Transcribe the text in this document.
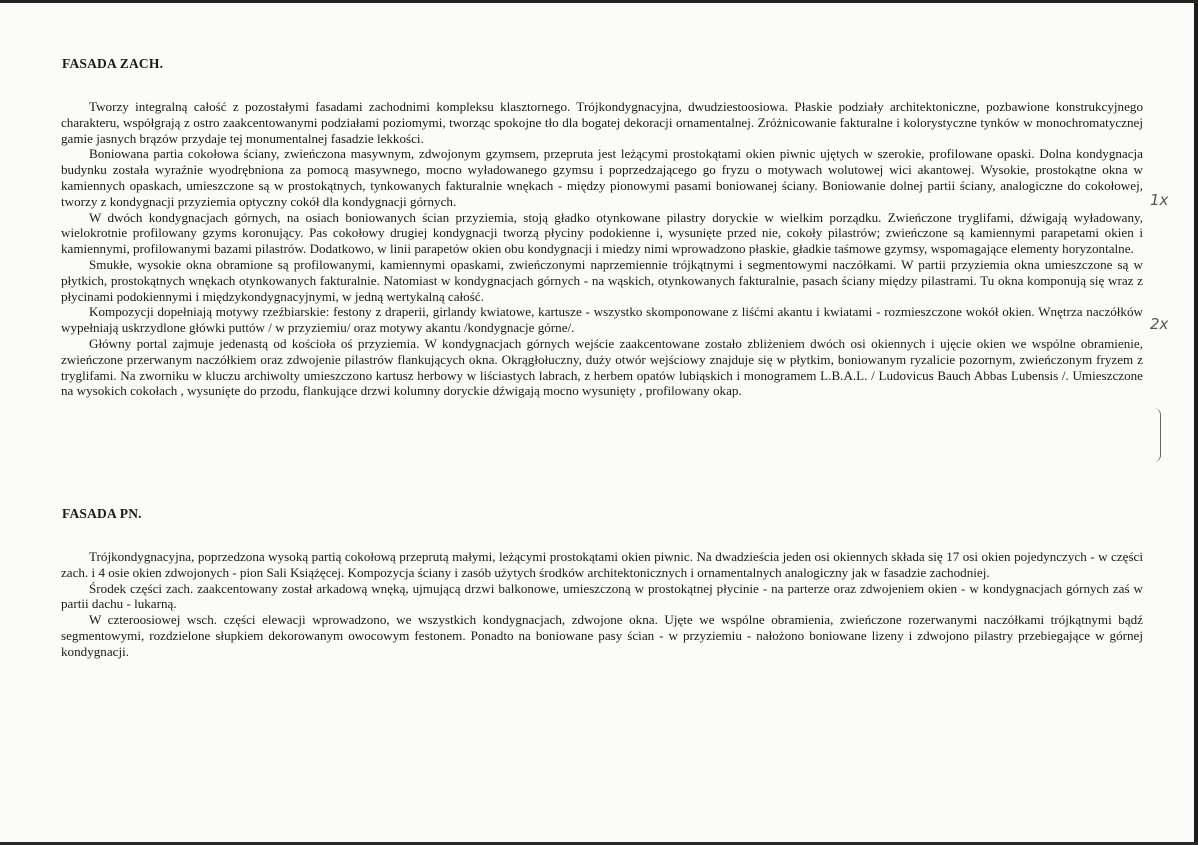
FASADA ZACH.

Tworzy integralną całość z pozostałymi fasadami zachodnimi kompleksu klasztornego. Trójkondygnacyjna, dwudziestoosiowa. Płaskie podziały architektoniczne, pozbawione konstrukcyjnego charakteru, współgrają z ostro zaakcentowanymi podziałami poziomymi, tworząc spokojne tło dla bogatej dekoracji ornamentalnej. Zróżnicowanie fakturalne i kolorystyczne tynków w monochromatycznej gamie jasnych brązów przydaje tej monumentalnej fasadzie lekkości.

Boniowana partia cokołowa ściany, zwieńczona masywnym, zdwojonym gzymsem, przepruta jest leżącymi prostokątami okien piwnic ujętych w szerokie, profilowane opaski. Dolna kondygnacja budynku została wyraźnie wyodrębniona za pomocą masywnego, mocno wyładowanego gzymsu i poprzedzającego go fryzu o motywach wolutowej wici akantowej. Wysokie, prostokątne okna w kamiennych opaskach, umieszczone są w prostokątnych, tynkowanych fakturalnie wnękach - między pionowymi pasami boniowanej ściany. Boniowanie dolnej partii ściany, analogiczne do cokołowej, tworzy z kondygnacji przyziemia optyczny cokół dla kondygnacji górnych.

W dwóch kondygnacjach górnych, na osiach boniowanych ścian przyziemia, stoją gładko otynkowane pilastry doryckie w wielkim porządku. Zwieńczone tryglifami, dźwigają wyładowany, wielokrotnie profilowany gzyms koronujący. Pas cokołowy drugiej kondygnacji tworzą płyciny podokienne i, wysunięte przed nie, cokoły pilastrów; zwieńczone są kamiennymi parapetami okien i kamiennymi, profilowanymi bazami pilastrów. Dodatkowo, w linii parapetów okien obu kondygnacji i miedzy nimi wprowadzono płaskie, gładkie taśmowe gzymsy, wspomagające elementy horyzontalne.

Smukłe, wysokie okna obramione są profilowanymi, kamiennymi opaskami, zwieńczonymi naprzemiennie trójkątnymi i segmentowymi naczółkami. W partii przyziemia okna umieszczone są w płytkich, prostokątnych wnękach otynkowanych fakturalnie. Natomiast w kondygnacjach górnych - na wąskich, otynkowanych fakturalnie, pasach ściany między pilastrami. Tu okna komponują się wraz z płycinami podokiennymi i międzykondygnacyjnymi, w jedną wertykalną całość.

Kompozycji dopełniają motywy rzeźbiarskie: festony z draperii, girlandy kwiatowe, kartusze - wszystko skomponowane z liśćmi akantu i kwiatami - rozmieszczone wokół okien. Wnętrza naczółków wypełniają uskrzydlone główki puttów / w przyziemiu/ oraz motywy akantu /kondygnacje górne/.

Główny portal zajmuje jedenastą od kościoła oś przyziemia. W kondygnacjach górnych wejście zaakcentowane zostało zbliżeniem dwóch osi okiennych i ujęcie okien we wspólne obramienie, zwieńczone przerwanym naczółkiem oraz zdwojenie pilastrów flankujących okna. Okrągłołuczny, duży otwór wejściowy znajduje się w płytkim, boniowanym ryzalicie pozornym, zwieńczonym fryzem z tryglifami. Na zworniku w kluczu archiwolty umieszczono kartusz herbowy w liściastych labrach, z herbem opatów lubiąskich i monogramem L.B.A.L. / Ludovicus Bauch Abbas Lubensis /. Umieszczone na wysokich cokołach , wysunięte do przodu, flankujące drzwi kolumny doryckie dźwigają mocno wysunięty , profilowany okap.

FASADA PN.

Trójkondygnacyjna, poprzedzona wysoką partią cokołową przeprutą małymi, leżącymi prostokątami okien piwnic. Na dwadzieścia jeden osi okiennych składa się 17 osi okien pojedynczych - w części zach. i 4 osie okien zdwojonych - pion Sali Książęcej. Kompozycja ściany i zasób użytych środków architektonicznych i ornamentalnych analogiczny jak w fasadzie zachodniej.

Środek części zach. zaakcentowany został arkadową wnęką, ujmującą drzwi balkonowe, umieszczoną w prostokątnej płycinie - na parterze oraz zdwojeniem okien - w kondygnacjach górnych zaś w partii dachu - lukarną.

W czteroosiowej wsch. części elewacji wprowadzono, we wszystkich kondygnacjach, zdwojone okna. Ujęte we wspólne obramienia, zwieńczone rozerwanymi naczółkami trójkątnymi bądź segmentowymi, rozdzielone słupkiem dekorowanym owocowym festonem. Ponadto na boniowane pasy ścian - w przyziemiu - nałożono boniowane lizeny i zdwojono pilastry przebiegające w górnej kondygnacji.

1x
2x
